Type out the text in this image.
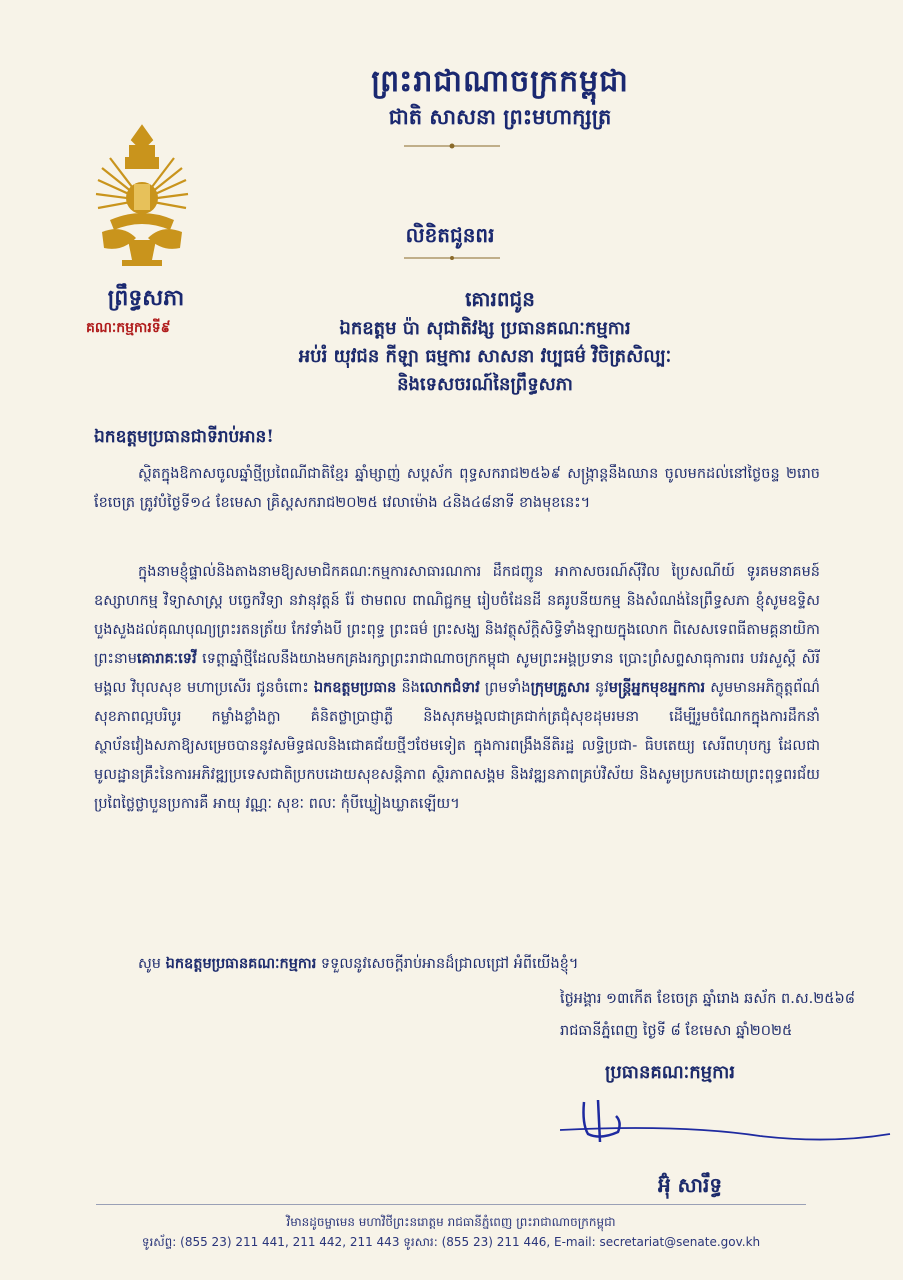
ព្រះរាជាណាចក្រកម្ពុជា
ជាតិ សាសនា ព្រះមហាក្សត្រ
ព្រឹទ្ធសភា
គណៈកម្មការទី៩
លិខិតជូនពរ
គោរពជូន
ឯកឧត្តម ប៉ា សុជាតិវង្ស ប្រធានគណៈកម្មការ
អប់រំ យុវជន កីឡា ធម្មការ សាសនា វប្បធម៌ វិចិត្រសិល្បៈ
និងទេសចរណ៍នៃព្រឹទ្ធសភា
ឯកឧត្តមប្រធានជាទីរាប់អាន!
ស្ថិតក្នុងឱកាសចូលឆ្នាំថ្មីប្រពៃណីជាតិខ្មែរ ឆ្នាំម្សាញ់ សប្តស័ក ពុទ្ធសករាជ២៥៦៩ សង្ក្រាន្តនឹងឈាន ចូលមកដល់នៅថ្ងៃចន្ទ ២រោច ខែចេត្រ ត្រូវបំថ្ងៃទី១៤ ខែមេសា គ្រិស្តសករាជ២០២៥ វេលាម៉ោង ៤និង៤៨នាទី ខាងមុខនេះ។
ក្នុងនាមខ្ញុំផ្ទាល់និងតាងនាមឱ្យសមាជិកគណៈកម្មការសាធារណការ ដឹកជញ្ជូន អាកាសចរណ៍ស៊ីវិល ប្រៃសណីយ៍ ទូរគមនាគមន៍ ឧស្សាហកម្ម វិទ្យាសាស្ត្រ បច្ចេកវិទ្យា នវានុវត្តន៍ រ៉ែ ថាមពល ពាណិជ្ជកម្ម រៀបចំដែនដី នគរូបនីយកម្ម និងសំណង់នៃព្រឹទ្ធសភា ខ្ញុំសូមឧទ្ទិសបួងសួងដល់គុណបុណ្យព្រះរតនត្រ័យ កែវទាំងបី ព្រះពុទ្ធ ព្រះធម៌ ព្រះសង្ឃ និងវត្ថុស័ក្តិសិទ្ធិទាំងឡាយក្នុងលោក ពិសេសទេពធីតាមគ្គនាយិកា ព្រះនាមគោរាគៈទេវី ទេព្ដាឆ្នាំថ្មីដែលនឹងយាងមកគ្រងរក្សាព្រះរាជាណាចក្រកម្ពុជា សូមព្រះអង្គប្រទាន ប្រោះព្រំសព្ទសាធុការពរ បវរសួស្តី សិរីមង្គល វិបុលសុខ មហាប្រសើរ ជូនចំពោះ ឯកឧត្តមប្រធាន និងលោកជំទាវ ព្រមទាំងក្រុមគ្រួសារ នូវមន្ត្រីអ្នកមុខអ្នកការ សូមមានអភិក្ខុត្តព័ណ៌ សុខភាពល្អបរិបូរ កម្លាំងខ្លាំងក្លា គំនិតថ្លាប្រាជ្ញាភ្លឺ និងសុភមង្គលជាគ្រជាក់ត្រជុំសុខដុមរមនា ដើម្បីរួមចំណែកក្នុងការដឹកនាំ ស្ថាប័នវៀងសភាឱ្យសម្រេចបាននូវសមិទ្ធផលនិងជោគជ័យថ្មីៗថែមទៀត ក្នុងការពង្រឹងនីតិរដ្ឋ លទ្ធិប្រជា- ធិបតេយ្យ សេរីពហុបក្ស ដែលជាមូលដ្ឋានគ្រឹះនៃការអភិវឌ្ឍប្រទេសជាតិប្រកបដោយសុខសន្តិភាព ស្ថិរភាពសង្គម និងវឌ្ឍនភាពគ្រប់វិស័យ និងសូមប្រកបដោយព្រះពុទ្ធពរជ័យប្រពៃថ្លៃថ្លាបួនប្រការគឺ អាយុ វណ្ណៈ សុខៈ ពលៈ កុំបីឃ្លៀងឃ្លាតឡើយ។
សូម ឯកឧត្តមប្រធានគណៈកម្មការ ទទួលនូវសេចក្តីរាប់អានដ៏ជ្រាលជ្រៅ អំពីយើងខ្ញុំ។
ថ្ងៃអង្គារ ១៣កើត ខែចេត្រ ឆ្នាំរោង ឆស័ក ព.ស.២៥៦៨
រាជធានីភ្នំពេញ ថ្ងៃទី ៨ ខែមេសា ឆ្នាំ២០២៥
ប្រធានគណៈកម្មការ
អ៊ុំ សារឹទ្ធ
វិមានដូចម្ចាមេន មហាវិថីព្រះនរោត្តម រាជធានីភ្នំពេញ ព្រះរាជាណាចក្រកម្ពុជា
ទូរស័ព្ទ: (855 23) 211 441, 211 442, 211 443 ទូរសារ: (855 23) 211 446, E-mail: secretariat@senate.gov.kh
